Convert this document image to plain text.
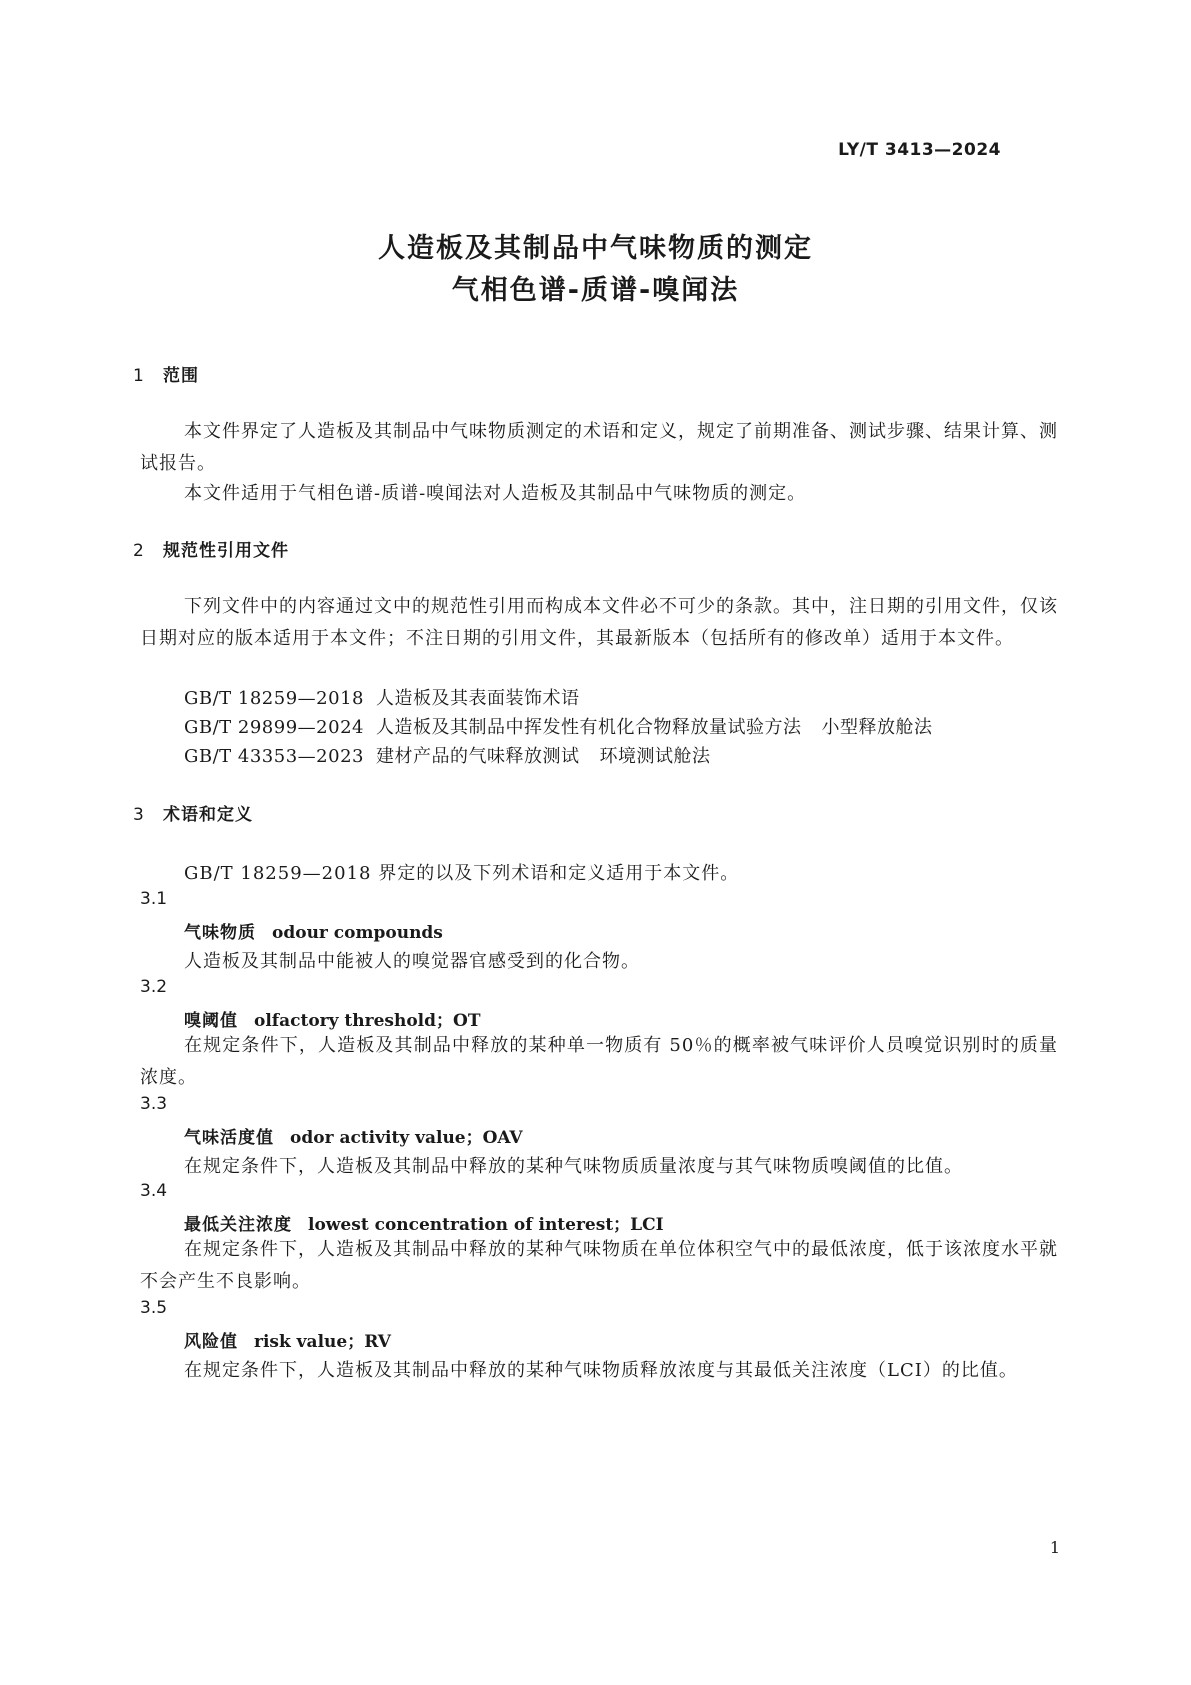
LY/T 3413—2024
人造板及其制品中气味物质的测定
气相色谱-质谱-嗅闻法
1 范围
本文件界定了人造板及其制品中气味物质测定的术语和定义，规定了前期准备、测试步骤、结果计算、测试报告。
本文件适用于气相色谱-质谱-嗅闻法对人造板及其制品中气味物质的测定。
2 规范性引用文件
下列文件中的内容通过文中的规范性引用而构成本文件必不可少的条款。其中，注日期的引用文件，仅该日期对应的版本适用于本文件；不注日期的引用文件，其最新版本（包括所有的修改单）适用于本文件。
GB/T 18259—2018 人造板及其表面装饰术语
GB/T 29899—2024 人造板及其制品中挥发性有机化合物释放量试验方法 小型释放舱法
GB/T 43353—2023 建材产品的气味释放测试 环境测试舱法
3 术语和定义
GB/T 18259—2018 界定的以及下列术语和定义适用于本文件。
3.1
气味物质 odour compounds
人造板及其制品中能被人的嗅觉器官感受到的化合物。
3.2
嗅阈值 olfactory threshold；OT
在规定条件下，人造板及其制品中释放的某种单一物质有 50％的概率被气味评价人员嗅觉识别时的质量浓度。
3.3
气味活度值 odor activity value；OAV
在规定条件下，人造板及其制品中释放的某种气味物质质量浓度与其气味物质嗅阈值的比值。
3.4
最低关注浓度 lowest concentration of interest；LCI
在规定条件下，人造板及其制品中释放的某种气味物质在单位体积空气中的最低浓度，低于该浓度水平就不会产生不良影响。
3.5
风险值 risk value；RV
在规定条件下，人造板及其制品中释放的某种气味物质释放浓度与其最低关注浓度（LCI）的比值。
1
